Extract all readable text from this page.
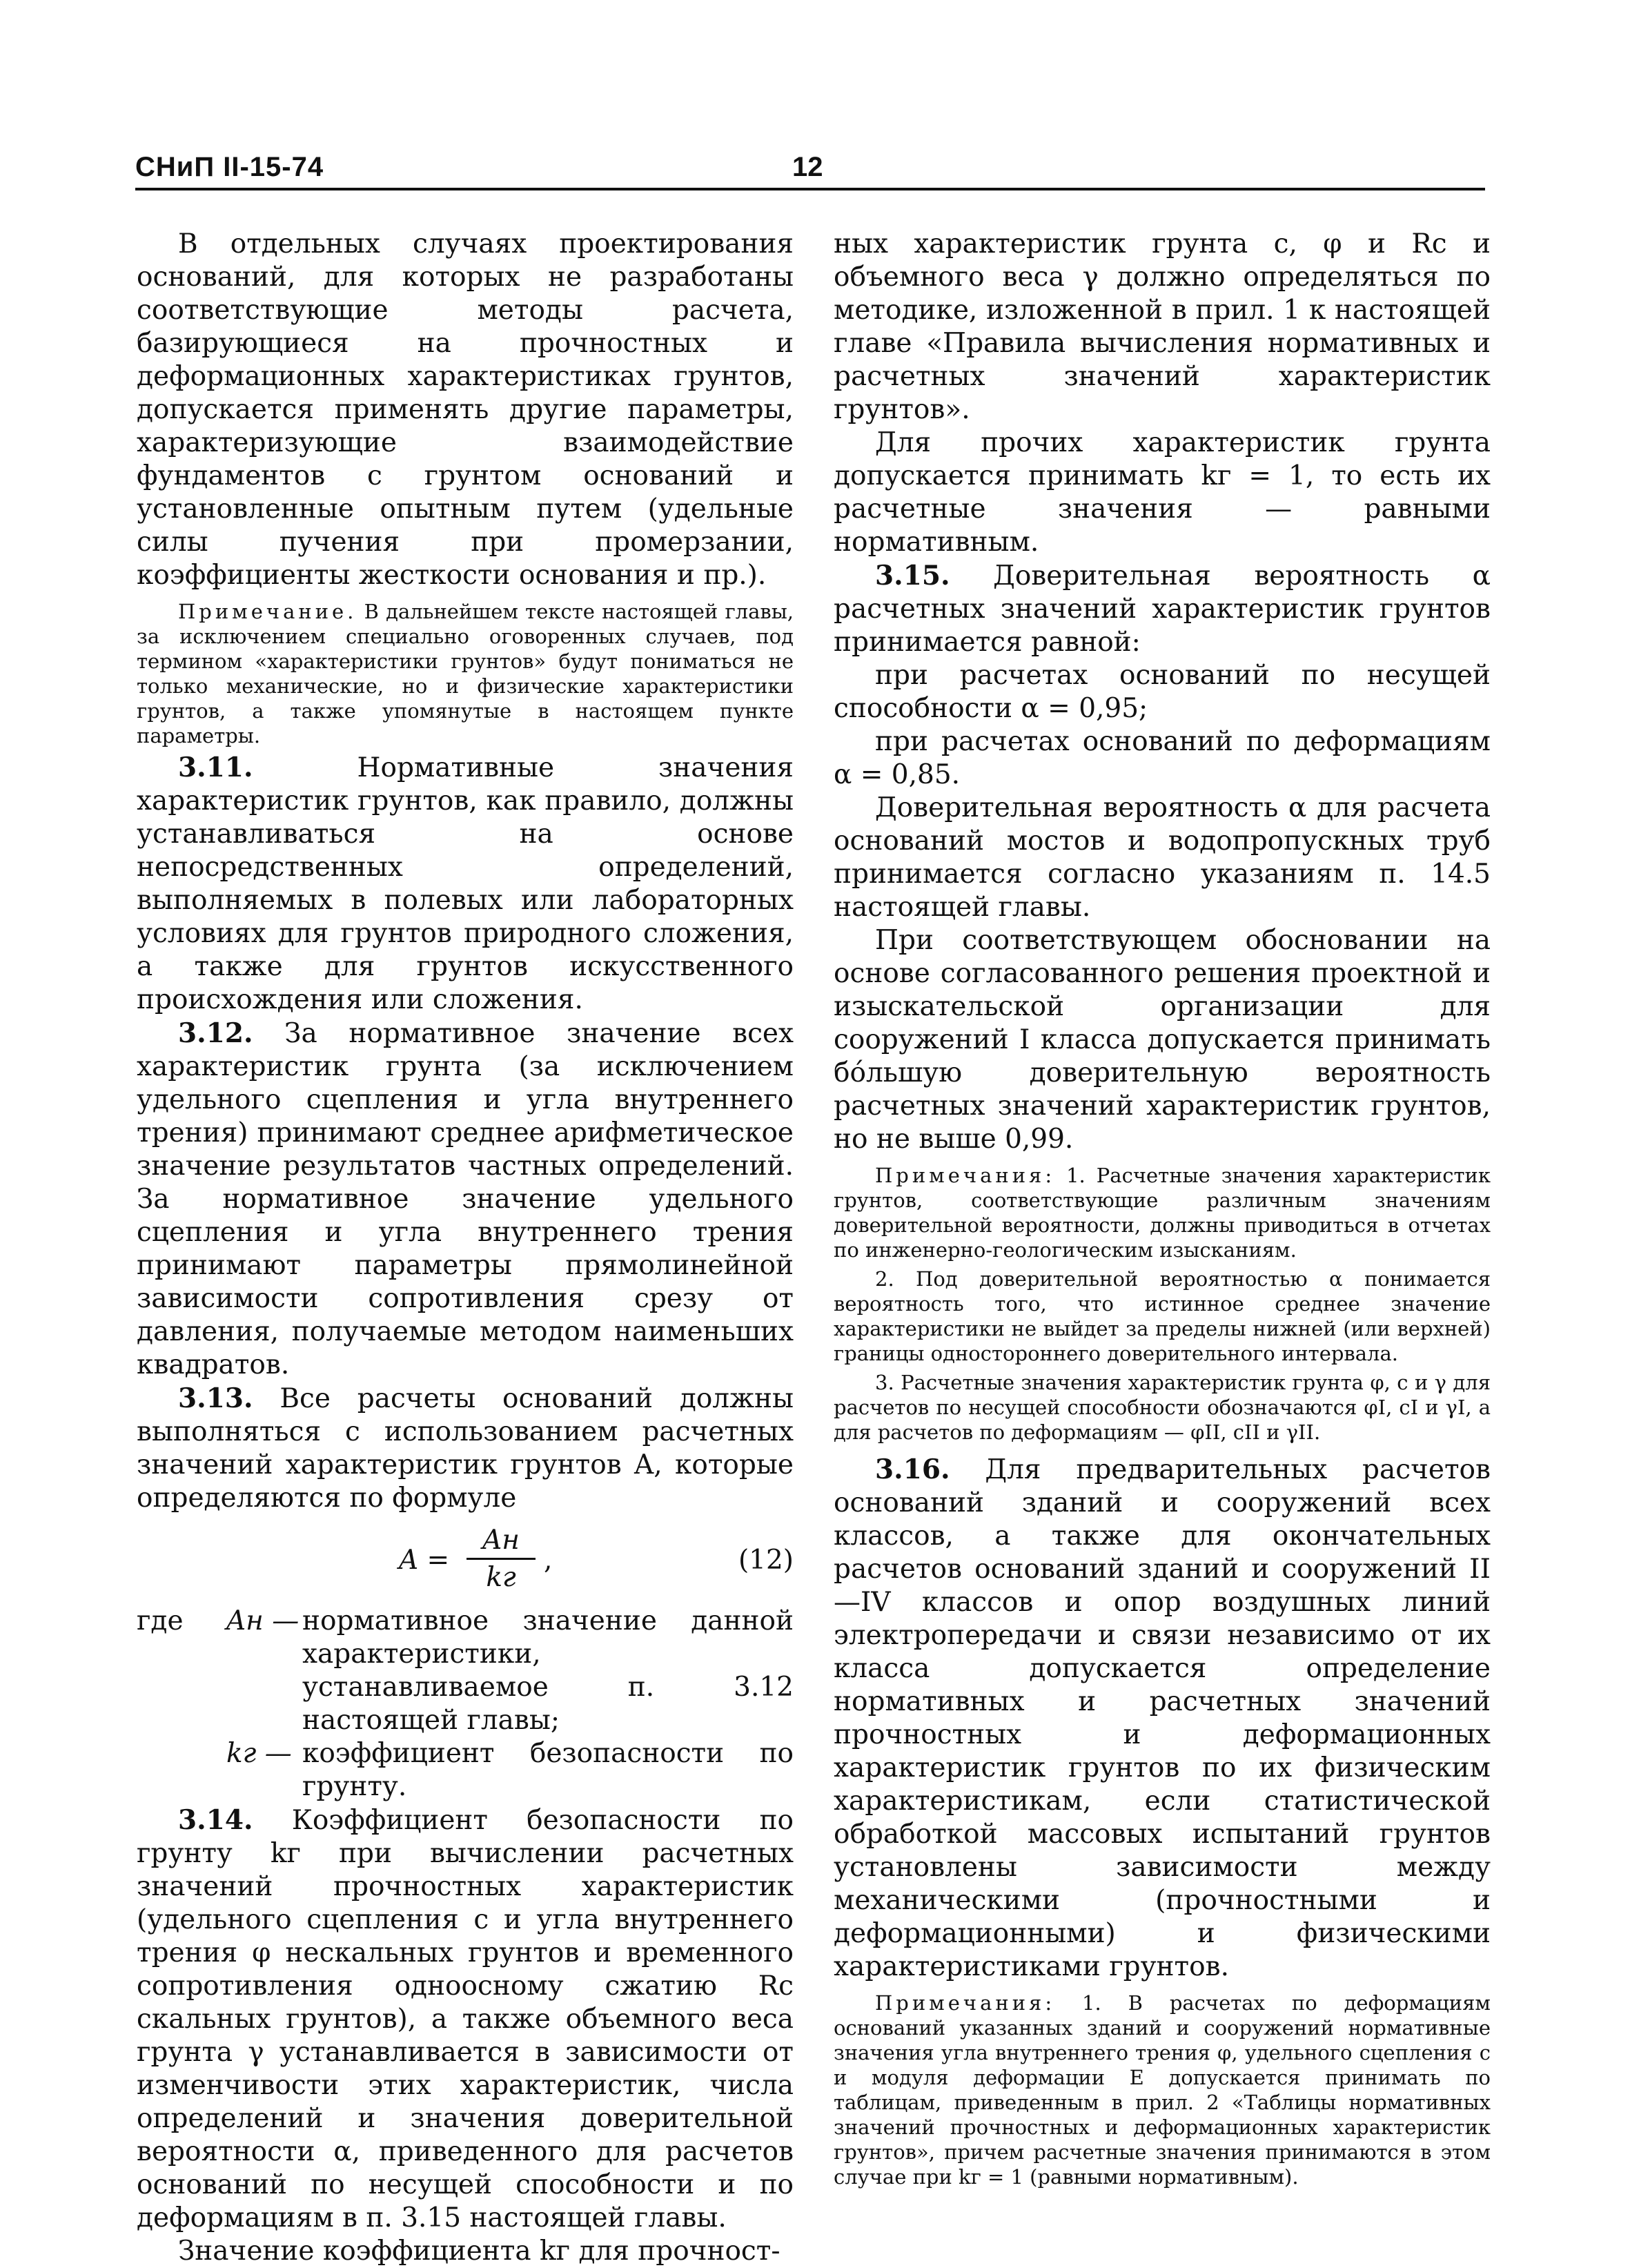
СНиП II-15-74	12

В отдельных случаях проектирования оснований, для которых не разработаны соответствующие методы расчета, базирующиеся на прочностных и деформационных характеристиках грунтов, допускается применять другие параметры, характеризующие взаимодействие фундаментов с грунтом оснований и установленные опытным путем (удельные силы пучения при промерзании, коэффициенты жесткости основания и пр.).

Примечание. В дальнейшем тексте настоящей главы, за исключением специально оговоренных случаев, под термином «характеристики грунтов» будут пониматься не только механические, но и физические характеристики грунтов, а также упомянутые в настоящем пункте параметры.

3.11. Нормативные значения характеристик грунтов, как правило, должны устанавливаться на основе непосредственных определений, выполняемых в полевых или лабораторных условиях для грунтов природного сложения, а также для грунтов искусственного происхождения или сложения.

3.12. За нормативное значение всех характеристик грунта (за исключением удельного сцепления и угла внутреннего трения) принимают среднее арифметическое значение результатов частных определений. За нормативное значение удельного сцепления и угла внутреннего трения принимают параметры прямолинейной зависимости сопротивления срезу от давления, получаемые методом наименьших квадратов.

3.13. Все расчеты оснований должны выполняться с использованием расчетных значений характеристик грунтов A, которые определяются по формуле

A =
Aн
kг
,	(12)
где Aн — нормативное значение данной характеристики, устанавливаемое п. 3.12 настоящей главы;
kг — коэффициент безопасности по грунту.

3.14. Коэффициент безопасности по грунту kг при вычислении расчетных значений прочностных характеристик (удельного сцепления c и угла внутреннего трения φ нескальных грунтов и временного сопротивления одноосному сжатию Rс скальных грунтов), а также объемного веса грунта γ устанавливается в зависимости от изменчивости этих характеристик, числа определений и значения доверительной вероятности α, приведенного для расчетов оснований по несущей способности и по деформациям в п. 3.15 настоящей главы.

Значение коэффициента kг для прочност-

ных характеристик грунта c, φ и Rс и объемного веса γ должно определяться по методике, изложенной в прил. 1 к настоящей главе «Правила вычисления нормативных и расчетных значений характеристик грунтов».

Для прочих характеристик грунта допускается принимать kг = 1, то есть их расчетные значения — равными нормативным.

3.15. Доверительная вероятность α расчетных значений характеристик грунтов принимается равной:

при расчетах оснований по несущей способности α = 0,95;

при расчетах оснований по деформациям α = 0,85.

Доверительная вероятность α для расчета оснований мостов и водопропускных труб принимается согласно указаниям п. 14.5 настоящей главы.

При соответствующем обосновании на основе согласованного решения проектной и изыскательской организации для сооружений I класса допускается принимать бóльшую доверительную вероятность расчетных значений характеристик грунтов, но не выше 0,99.

Примечания: 1. Расчетные значения характеристик грунтов, соответствующие различным значениям доверительной вероятности, должны приводиться в отчетах по инженерно-геологическим изысканиям.

2. Под доверительной вероятностью α понимается вероятность того, что истинное среднее значение характеристики не выйдет за пределы нижней (или верхней) границы одностороннего доверительного интервала.

3. Расчетные значения характеристик грунта φ, c и γ для расчетов по несущей способности обозначаются φI, cI и γI, а для расчетов по деформациям — φII, cII и γII.

3.16. Для предварительных расчетов оснований зданий и сооружений всех классов, а также для окончательных расчетов оснований зданий и сооружений II—IV классов и опор воздушных линий электропередачи и связи независимо от их класса допускается определение нормативных и расчетных значений прочностных и деформационных характеристик грунтов по их физическим характеристикам, если статистической обработкой массовых испытаний грунтов установлены зависимости между механическими (прочностными и деформационными) и физическими характеристиками грунтов.

Примечания: 1. В расчетах по деформациям оснований указанных зданий и сооружений нормативные значения угла внутреннего трения φ, удельного сцепления c и модуля деформации E допускается принимать по таблицам, приведенным в прил. 2 «Таблицы нормативных значений прочностных и деформационных характеристик грунтов», причем расчетные значения принимаются в этом случае при kг = 1 (равными нормативным).
